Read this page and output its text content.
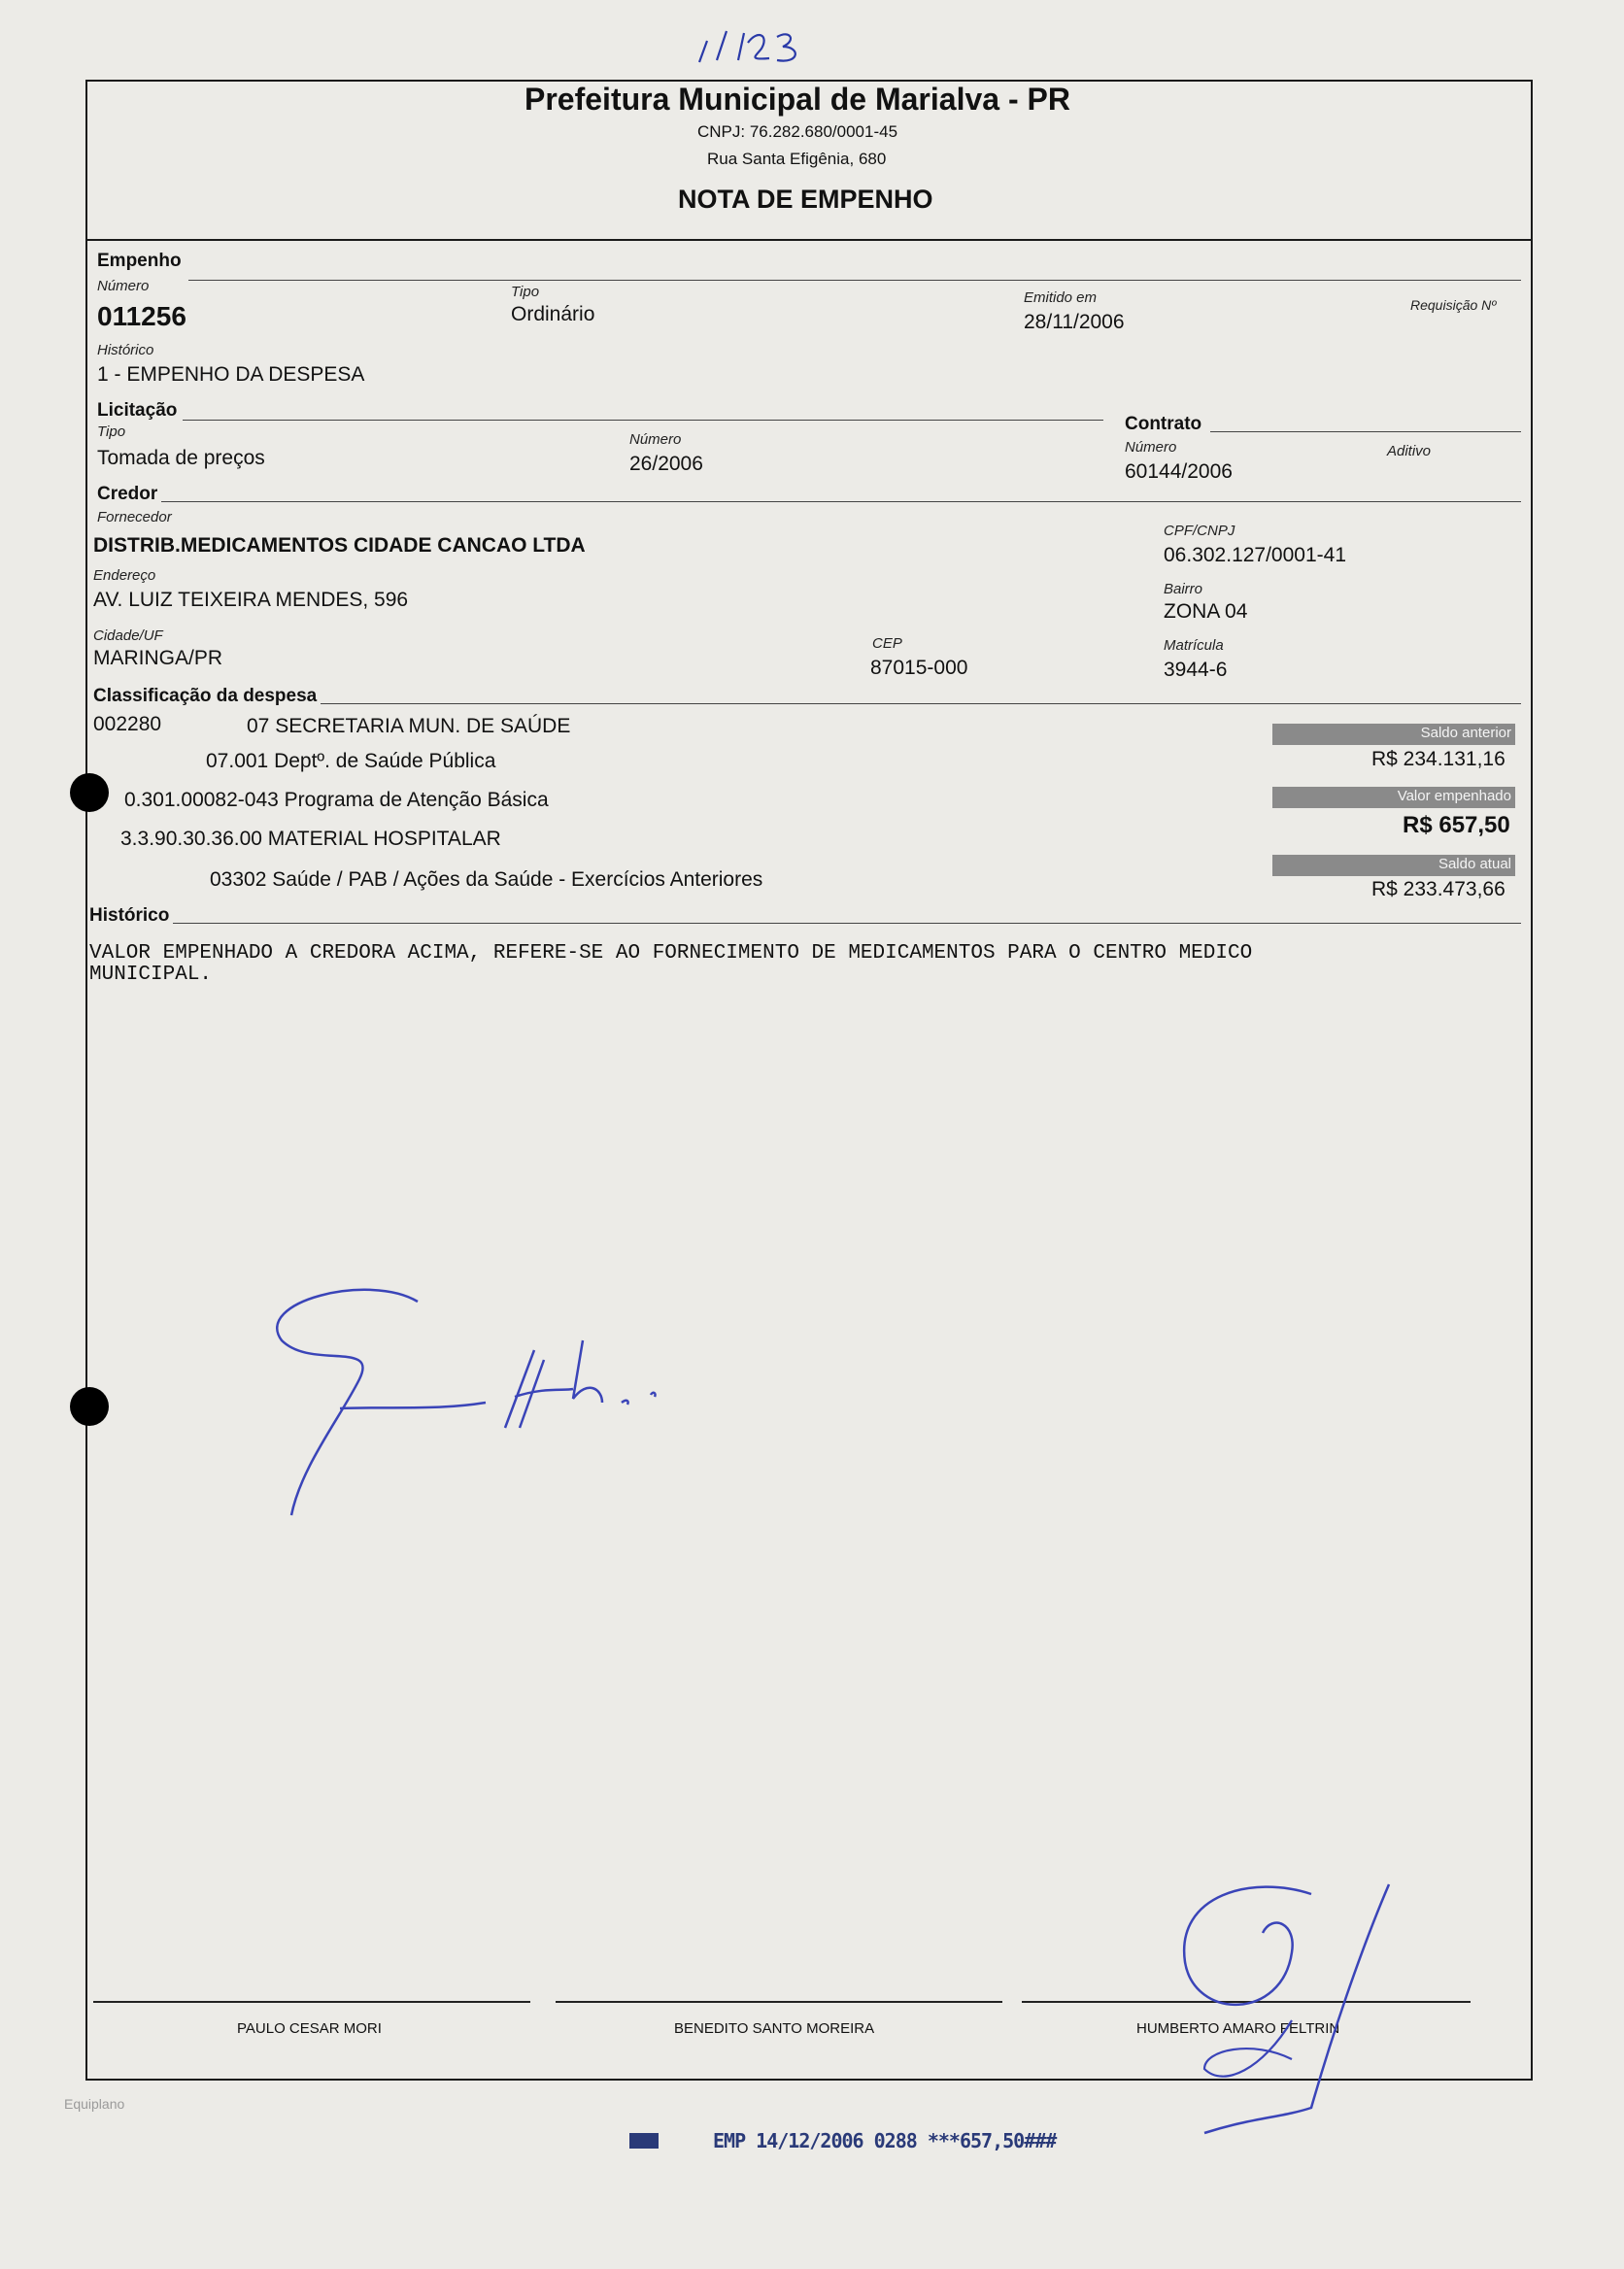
Prefeitura Municipal de Marialva - PR
CNPJ: 76.282.680/0001-45
Rua Santa Efigênia, 680
NOTA DE EMPENHO
Empenho
Número
011256
Tipo
Ordinário
Emitido em
28/11/2006
Requisição Nº
Histórico
1 - EMPENHO DA DESPESA
Licitação
Tipo
Tomada de preços
Número
26/2006
Contrato
Número
60144/2006
Aditivo
Credor
Fornecedor
DISTRIB.MEDICAMENTOS CIDADE CANCAO LTDA
CPF/CNPJ
06.302.127/0001-41
Endereço
AV. LUIZ TEIXEIRA MENDES, 596	Bairro
ZONA 04
Cidade/UF
MARINGA/PR
CEP
87015-000
Matrícula
3944-6
Classificação da despesa
002280	07 SECRETARIA MUN. DE SAÚDE
07.001 Deptº. de Saúde Pública
0.301.00082-043 Programa de Atenção Básica
3.3.90.30.36.00 MATERIAL HOSPITALAR
03302 Saúde / PAB / Ações da Saúde - Exercícios Anteriores
Saldo anterior
R$ 234.131,16
Valor empenhado
R$ 657,50
Saldo atual
R$ 233.473,66
Histórico
VALOR EMPENHADO A CREDORA ACIMA, REFERE-SE AO FORNECIMENTO DE MEDICAMENTOS PARA O CENTRO MEDICO
MUNICIPAL.
PAULO CESAR MORI	BENEDITO SANTO MOREIRA	HUMBERTO AMARO FELTRIN
Equiplano
EMP 14/12/2006 0288 ***657,50###
